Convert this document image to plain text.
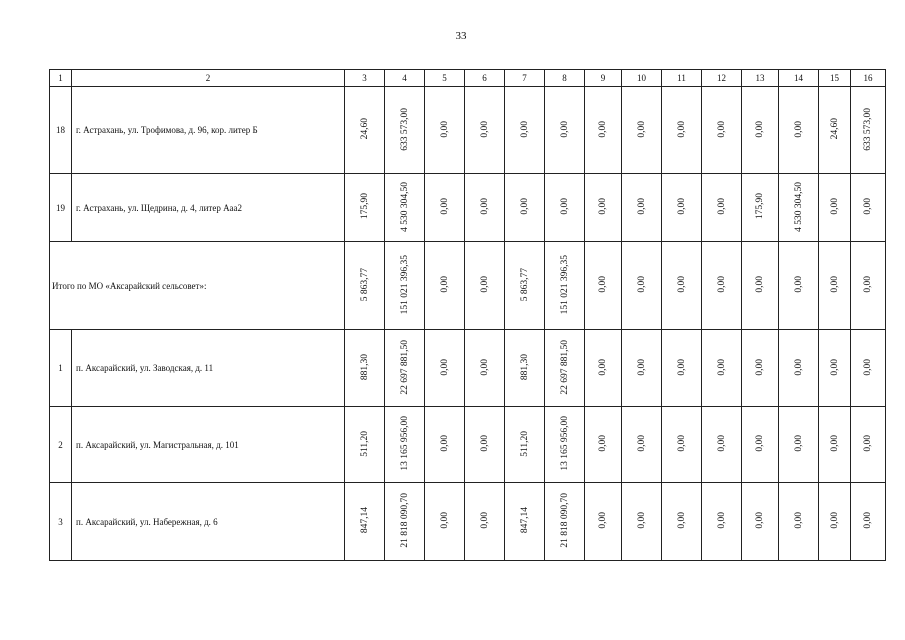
33
1	2	3	4	5	6	7	8	9	10	11	12	13	14	15	16
18	г. Астрахань, ул. Трофимова, д. 96, кор. литер Б	24,60	633 573,00	0,00	0,00	0,00	0,00	0,00	0,00	0,00	0,00	0,00	0,00	24,60	633 573,00
19	г. Астрахань, ул. Щедрина, д. 4, литер Ааа2	175,90	4 530 304,50	0,00	0,00	0,00	0,00	0,00	0,00	0,00	0,00	175,90	4 530 304,50	0,00	0,00
Итого по МО «Аксарайский сельсовет»:		5 863,77	151 021 396,35	0,00	0,00	5 863,77	151 021 396,35	0,00	0,00	0,00	0,00	0,00	0,00	0,00	0,00
1	п. Аксарайский, ул. Заводская, д. 11	881,30	22 697 881,50	0,00	0,00	881,30	22 697 881,50	0,00	0,00	0,00	0,00	0,00	0,00	0,00	0,00
2	п. Аксарайский, ул. Магистральная, д. 101	511,20	13 165 956,00	0,00	0,00	511,20	13 165 956,00	0,00	0,00	0,00	0,00	0,00	0,00	0,00	0,00
3	п. Аксарайский, ул. Набережная, д. 6	847,14	21 818 090,70	0,00	0,00	847,14	21 818 090,70	0,00	0,00	0,00	0,00	0,00	0,00	0,00	0,00
